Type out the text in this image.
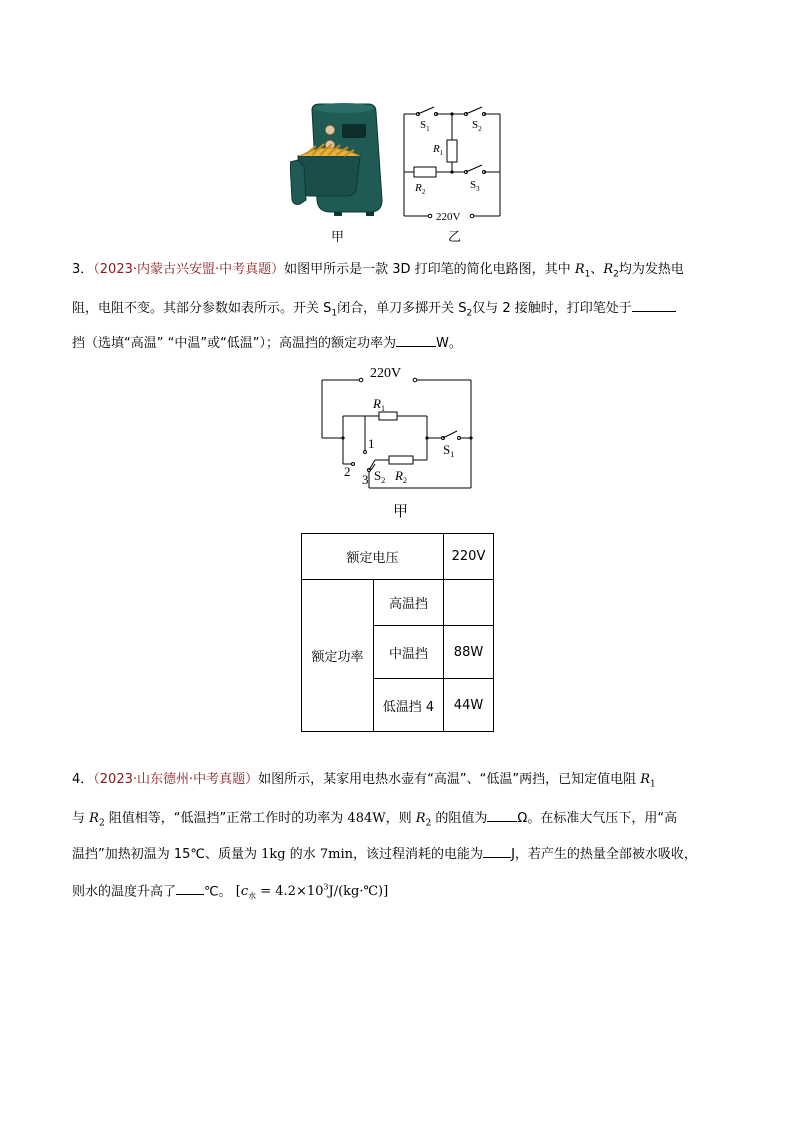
$S_1$	$S_2$
$R_1$
$R_2$
$S_3$
220V
甲	乙
3．（2023·内蒙古兴安盟·中考真题）如图甲所示是一款 3D 打印笔的简化电路图，其中 $R_1$、$R_2$均为发热电
阻，电阻不变。其部分参数如表所示。开关 $S_1$闭合，单刀多掷开关 $S_2$仅与 2 接触时，打印笔处于
挡（选填“高温” “中温”或“低温”）；高温挡的额定功率为	W。
220V
$R_1$
1
2
3 $S_2$ $R_2$
$S_1$
甲
额定电压		220V
额定功率	高温挡	
	中温挡	88W
	低温挡 4	44W
4．（2023·山东德州·中考真题）如图所示，某家用电热水壶有“高温”、“低温”两挡，已知定值电阻 $R_1$
与 $R_2$ 阻值相等，“低温挡”正常工作时的功率为 484W，则 $R_2$ 的阻值为 Ω。在标准大气压下，用“高
温挡”加热初温为 15℃、质量为 1kg 的水 7min，该过程消耗的电能为 J，若产生的热量全部被水吸收，
则水的温度升高了 ℃。 [$c_水$ = $4.2\times 10^3J/(kg\cdot℃)$]
